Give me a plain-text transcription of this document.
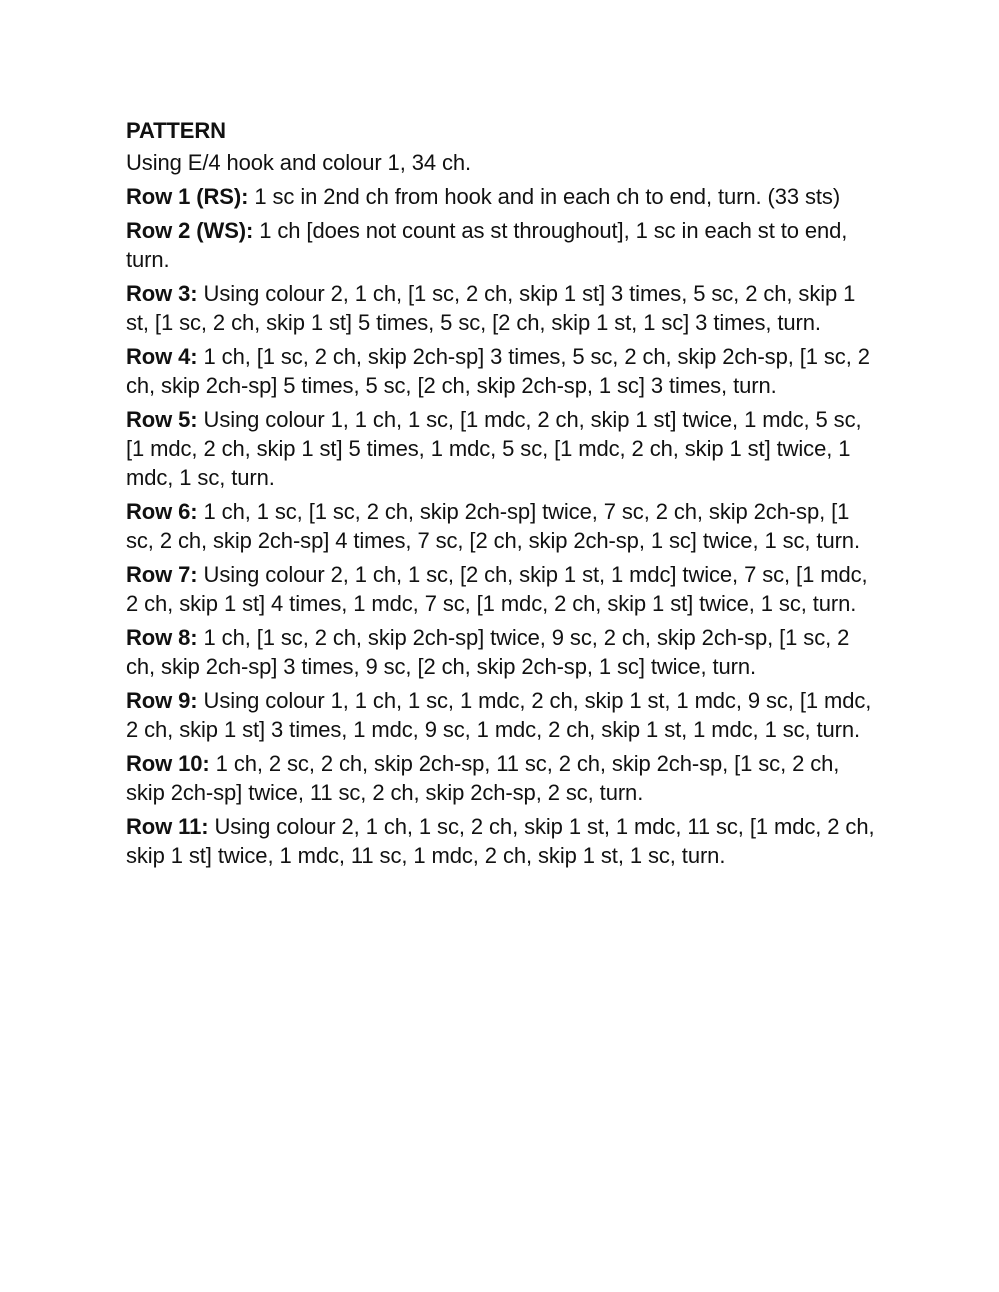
PATTERN
Using E/4 hook and colour 1, 34 ch.
Row 1 (RS): 1 sc in 2nd ch from hook and in each ch to end, turn. (33 sts)
Row 2 (WS): 1 ch [does not count as st throughout], 1 sc in each st to end, turn.
Row 3: Using colour 2, 1 ch, [1 sc, 2 ch, skip 1 st] 3 times, 5 sc, 2 ch, skip 1 st, [1 sc, 2 ch, skip 1 st] 5 times, 5 sc, [2 ch, skip 1 st, 1 sc] 3 times, turn.
Row 4: 1 ch, [1 sc, 2 ch, skip 2ch-sp] 3 times, 5 sc, 2 ch, skip 2ch-sp, [1 sc, 2 ch, skip 2ch-sp] 5 times, 5 sc, [2 ch, skip 2ch-sp, 1 sc] 3 times, turn.
Row 5: Using colour 1, 1 ch, 1 sc, [1 mdc, 2 ch, skip 1 st] twice, 1 mdc, 5 sc, [1 mdc, 2 ch, skip 1 st] 5 times, 1 mdc, 5 sc, [1 mdc, 2 ch, skip 1 st] twice, 1 mdc, 1 sc, turn.
Row 6: 1 ch, 1 sc, [1 sc, 2 ch, skip 2ch-sp] twice, 7 sc, 2 ch, skip 2ch-sp, [1 sc, 2 ch, skip 2ch-sp] 4 times, 7 sc, [2 ch, skip 2ch-sp, 1 sc] twice, 1 sc, turn.
Row 7: Using colour 2, 1 ch, 1 sc, [2 ch, skip 1 st, 1 mdc] twice, 7 sc, [1 mdc, 2 ch, skip 1 st] 4 times, 1 mdc, 7 sc, [1 mdc, 2 ch, skip 1 st] twice, 1 sc, turn.
Row 8: 1 ch, [1 sc, 2 ch, skip 2ch-sp] twice, 9 sc, 2 ch, skip 2ch-sp, [1 sc, 2 ch, skip 2ch-sp] 3 times, 9 sc, [2 ch, skip 2ch-sp, 1 sc] twice, turn.
Row 9: Using colour 1, 1 ch, 1 sc, 1 mdc, 2 ch, skip 1 st, 1 mdc, 9 sc, [1 mdc, 2 ch, skip 1 st] 3 times, 1 mdc, 9 sc, 1 mdc, 2 ch, skip 1 st, 1 mdc, 1 sc, turn.
Row 10: 1 ch, 2 sc, 2 ch, skip 2ch-sp, 11 sc, 2 ch, skip 2ch-sp, [1 sc, 2 ch, skip 2ch-sp] twice, 11 sc, 2 ch, skip 2ch-sp, 2 sc, turn.
Row 11: Using colour 2, 1 ch, 1 sc, 2 ch, skip 1 st, 1 mdc, 11 sc, [1 mdc, 2 ch, skip 1 st] twice, 1 mdc, 11 sc, 1 mdc, 2 ch, skip 1 st, 1 sc, turn.
